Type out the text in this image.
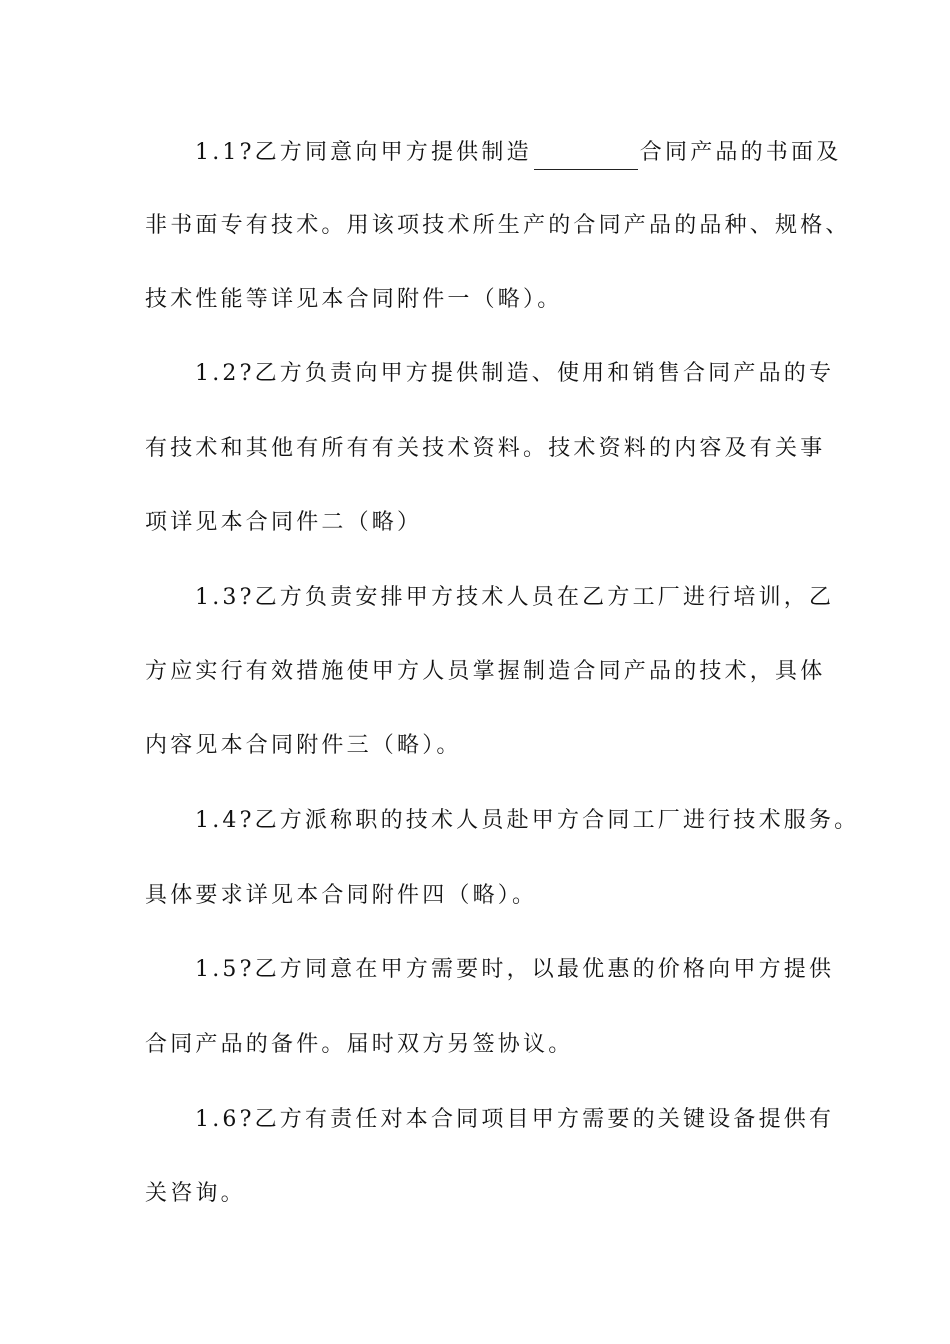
1.1?乙方同意向甲方提供制造	合同产品的书面及
非书面专有技术。用该项技术所生产的合同产品的品种、规格、
技术性能等详见本合同附件一（略）。
1.2?乙方负责向甲方提供制造、使用和销售合同产品的专
有技术和其他有所有有关技术资料。技术资料的内容及有关事
项详见本合同件二（略）
1.3?乙方负责安排甲方技术人员在乙方工厂进行培训，乙
方应实行有效措施使甲方人员掌握制造合同产品的技术，具体
内容见本合同附件三（略）。
1.4?乙方派称职的技术人员赴甲方合同工厂进行技术服务。
具体要求详见本合同附件四（略）。
1.5?乙方同意在甲方需要时，以最优惠的价格向甲方提供
合同产品的备件。届时双方另签协议。
1.6?乙方有责任对本合同项目甲方需要的关键设备提供有
关咨询。
